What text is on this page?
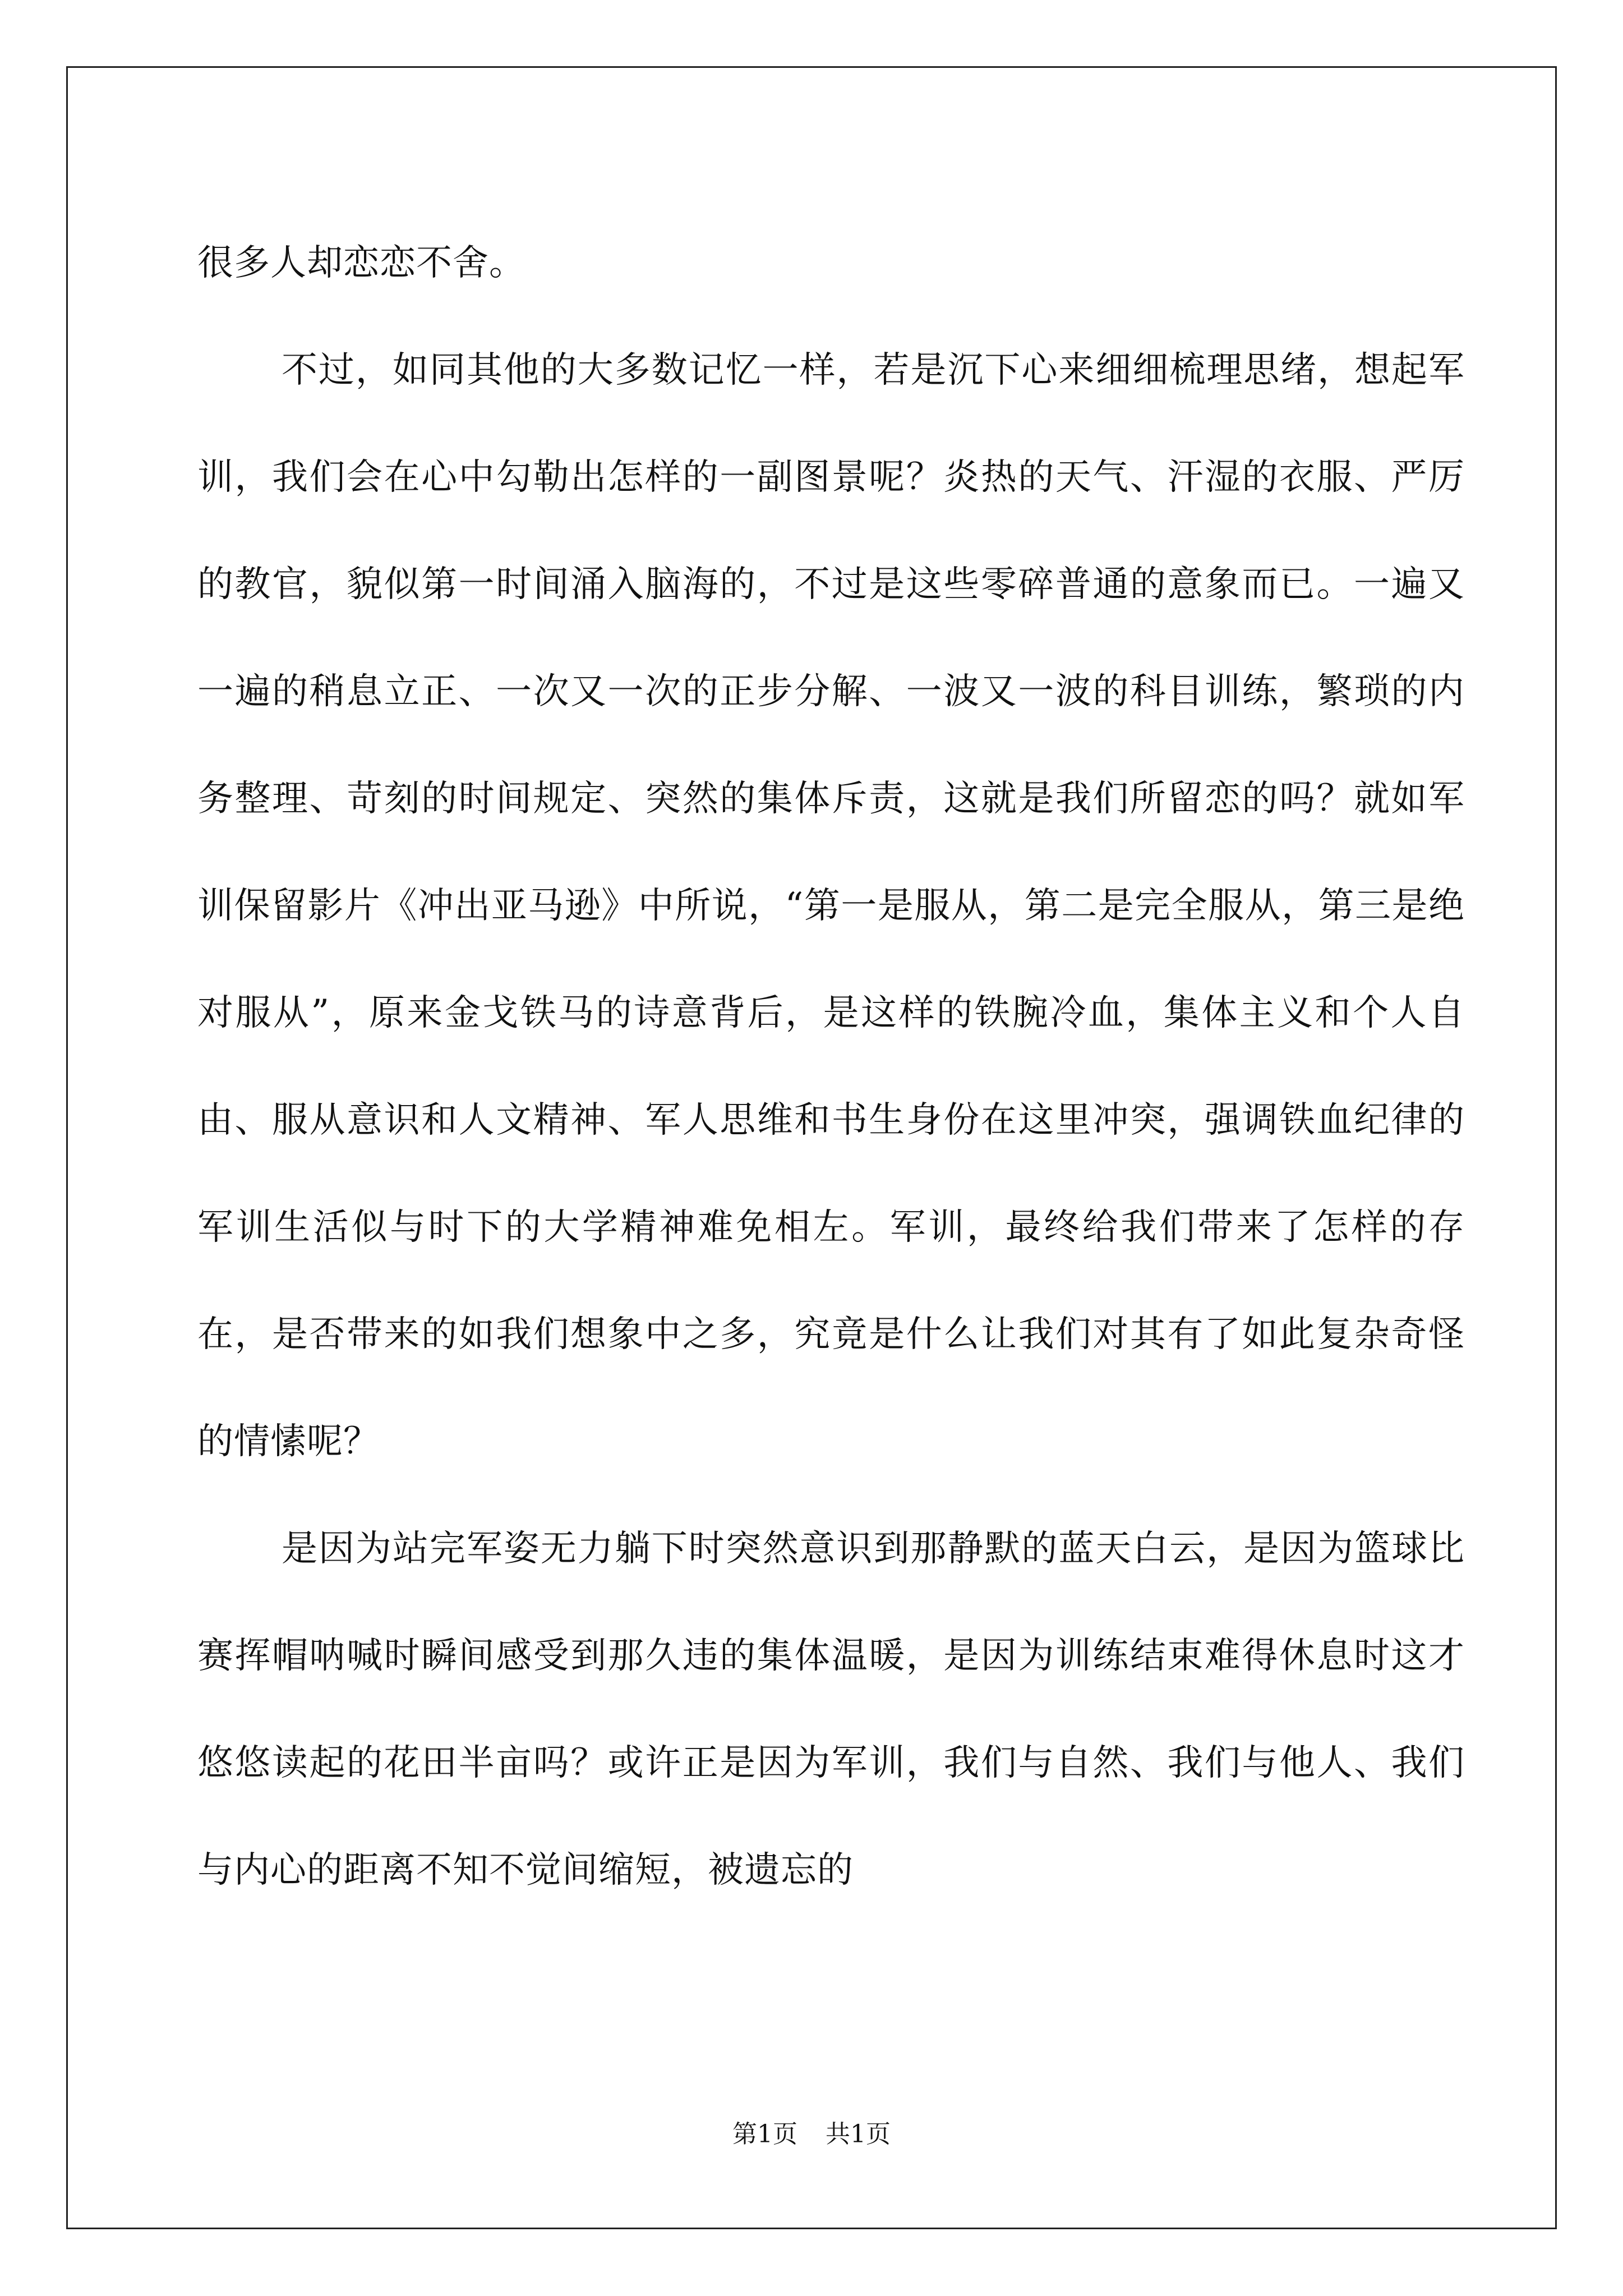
很多人却恋恋不舍。

不过，如同其他的大多数记忆一样，若是沉下心来细细梳理思绪，想起军训，我们会在心中勾勒出怎样的一副图景呢？炎热的天气、汗湿的衣服、严厉的教官，貌似第一时间涌入脑海的，不过是这些零碎普通的意象而已。一遍又一遍的稍息立正、一次又一次的正步分解、一波又一波的科目训练，繁琐的内务整理、苛刻的时间规定、突然的集体斥责，这就是我们所留恋的吗？就如军训保留影片《冲出亚马逊》中所说，“第一是服从，第二是完全服从，第三是绝对服从”，原来金戈铁马的诗意背后，是这样的铁腕冷血，集体主义和个人自由、服从意识和人文精神、军人思维和书生身份在这里冲突，强调铁血纪律的军训生活似与时下的大学精神难免相左。军训，最终给我们带来了怎样的存在，是否带来的如我们想象中之多，究竟是什么让我们对其有了如此复杂奇怪的情愫呢？

是因为站完军姿无力躺下时突然意识到那静默的蓝天白云，是因为篮球比赛挥帽呐喊时瞬间感受到那久违的集体温暖，是因为训练结束难得休息时这才悠悠读起的花田半亩吗？或许正是因为军训，我们与自然、我们与他人、我们与内心的距离不知不觉间缩短，被遗忘的

第1页 共1页
